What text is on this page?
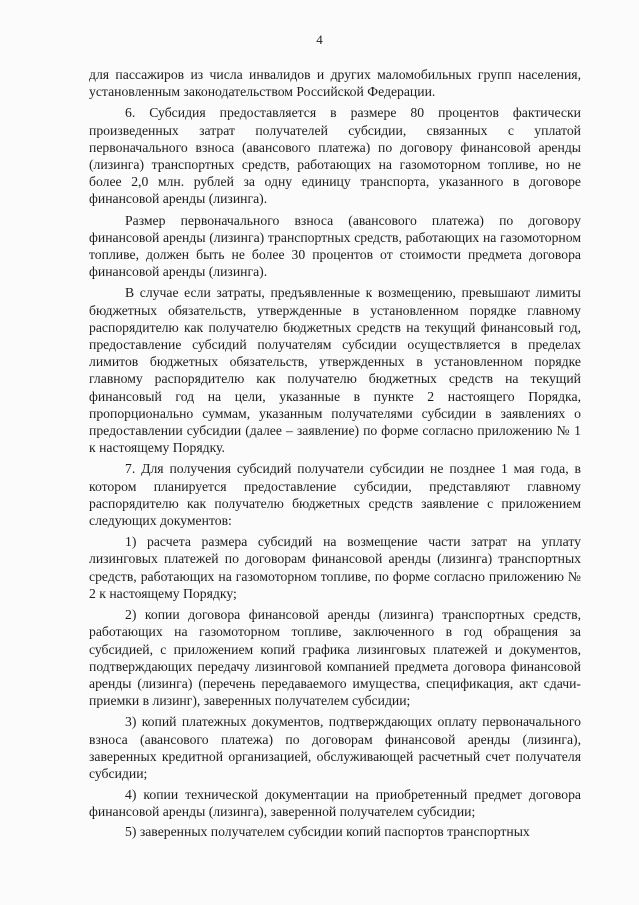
4

для пассажиров из числа инвалидов и других маломобильных групп населения, установленным законодательством Российской Федерации.

6. Субсидия предоставляется в размере 80 процентов фактически произведенных затрат получателей субсидии, связанных с уплатой первоначального взноса (авансового платежа) по договору финансовой аренды (лизинга) транспортных средств, работающих на газомоторном топливе, но не более 2,0 млн. рублей за одну единицу транспорта, указанного в договоре финансовой аренды (лизинга).

Размер первоначального взноса (авансового платежа) по договору финансовой аренды (лизинга) транспортных средств, работающих на газомоторном топливе, должен быть не более 30 процентов от стоимости предмета договора финансовой аренды (лизинга).

В случае если затраты, предъявленные к возмещению, превышают лимиты бюджетных обязательств, утвержденные в установленном порядке главному распорядителю как получателю бюджетных средств на текущий финансовый год, предоставление субсидий получателям субсидии осуществляется в пределах лимитов бюджетных обязательств, утвержденных в установленном порядке главному распорядителю как получателю бюджетных средств на текущий финансовый год на цели, указанные в пункте 2 настоящего Порядка, пропорционально суммам, указанным получателями субсидии в заявлениях о предоставлении субсидии (далее – заявление) по форме согласно приложению № 1 к настоящему Порядку.

7. Для получения субсидий получатели субсидии не позднее 1 мая года, в котором планируется предоставление субсидии, представляют главному распорядителю как получателю бюджетных средств заявление с приложением следующих документов:

1) расчета размера субсидий на возмещение части затрат на уплату лизинговых платежей по договорам финансовой аренды (лизинга) транспортных средств, работающих на газомоторном топливе, по форме согласно приложению № 2 к настоящему Порядку;

2) копии договора финансовой аренды (лизинга) транспортных средств, работающих на газомоторном топливе, заключенного в год обращения за субсидией, с приложением копий графика лизинговых платежей и документов, подтверждающих передачу лизинговой компанией предмета договора финансовой аренды (лизинга) (перечень передаваемого имущества, спецификация, акт сдачи-приемки в лизинг), заверенных получателем субсидии;

3) копий платежных документов, подтверждающих оплату первоначального взноса (авансового платежа) по договорам финансовой аренды (лизинга), заверенных кредитной организацией, обслуживающей расчетный счет получателя субсидии;

4) копии технической документации на приобретенный предмет договора финансовой аренды (лизинга), заверенной получателем субсидии;

5) заверенных получателем субсидии копий паспортов транспортных
